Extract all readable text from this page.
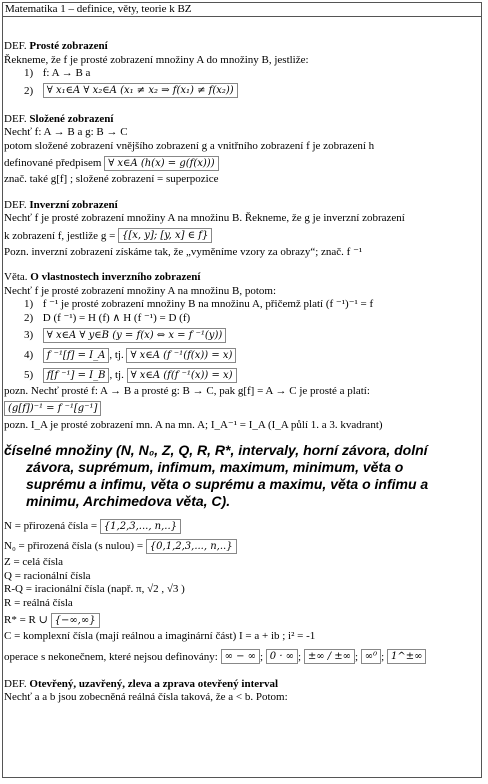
Matematika 1 – definice, věty, teorie k BZ
DEF. Prosté zobrazení
Řekneme, že f je prosté zobrazení množiny A do množiny B, jestliže:
1) f: A → B a
2) ∀ x₁∈A ∀ x₂∈A (x₁ ≠ x₂ ⇒ f(x₁) ≠ f(x₂))
DEF. Složené zobrazení
Nechť f: A → B a g: B → C
potom složené zobrazení vnějšího zobrazení g a vnitřního zobrazení f je zobrazení h
definované předpisem ∀ x∈A (h(x) = g(f(x)))
znač. také g[f] ; složené zobrazení = superpozice
DEF. Inverzní zobrazení
Nechť f je prosté zobrazení množiny A na množinu B. Řekneme, že g je inverzní zobrazení
k zobrazení f, jestliže g = {[x, y]; [y, x] ∈ f}
Pozn. inverzní zobrazení získáme tak, že „vyměníme vzory za obrazy“; znač. f ⁻¹
Věta. O vlastnostech inverzního zobrazení
Nechť f je prosté zobrazení množiny A na množinu B, potom:
1) f ⁻¹ je prosté zobrazení množiny B na množinu A, přičemž platí (f ⁻¹)⁻¹ = f
2) D (f ⁻¹) = H (f) ∧ H (f ⁻¹) = D (f)
3) ∀ x∈A ∀ y∈B (y = f(x) ⇔ x = f ⁻¹(y))
4) f ⁻¹[f] = I_A , tj. ∀ x∈A (f ⁻¹(f(x)) = x)
5) f[f ⁻¹] = I_B , tj. ∀ x∈A (f(f ⁻¹(x)) = x)
pozn. Nechť prosté f: A → B a prosté g: B → C, pak g[f] = A → C je prosté a platí:
(g[f])⁻¹ = f ⁻¹[g⁻¹]
pozn. I_A je prosté zobrazení mn. A na mn. A; I_A⁻¹ = I_A (I_A půlí 1. a 3. kvadrant)
číselné množiny (N, N₀, Z, Q, R, R*, intervaly, horní závora, dolní
závora, suprémum, infimum, maximum, minimum, věta o
suprému a infimu, věta o suprému a maximu, věta o infimu a
minimu, Archimedova věta, C).
N = přirozená čísla = {1,2,3,..., n,..}
N₀ = přirozená čísla (s nulou) = {0,1,2,3,..., n,..}
Z = celá čísla
Q = racionální čísla
R-Q = iracionální čísla (např. π, √2 , √3 )
R = reálná čísla
R* = R ∪ {−∞,∞}
C = komplexní čísla (mají reálnou a imaginární část) I = a + ib ; i² = -1
operace s nekonečnem, které nejsou definovány: ∞ − ∞ ; 0 · ∞ ; ±∞ / ±∞ ; ∞⁰ ; 1^±∞
DEF. Otevřený, uzavřený, zleva a zprava otevřený interval
Nechť a a b jsou zobecněná reálná čísla taková, že a < b. Potom:
